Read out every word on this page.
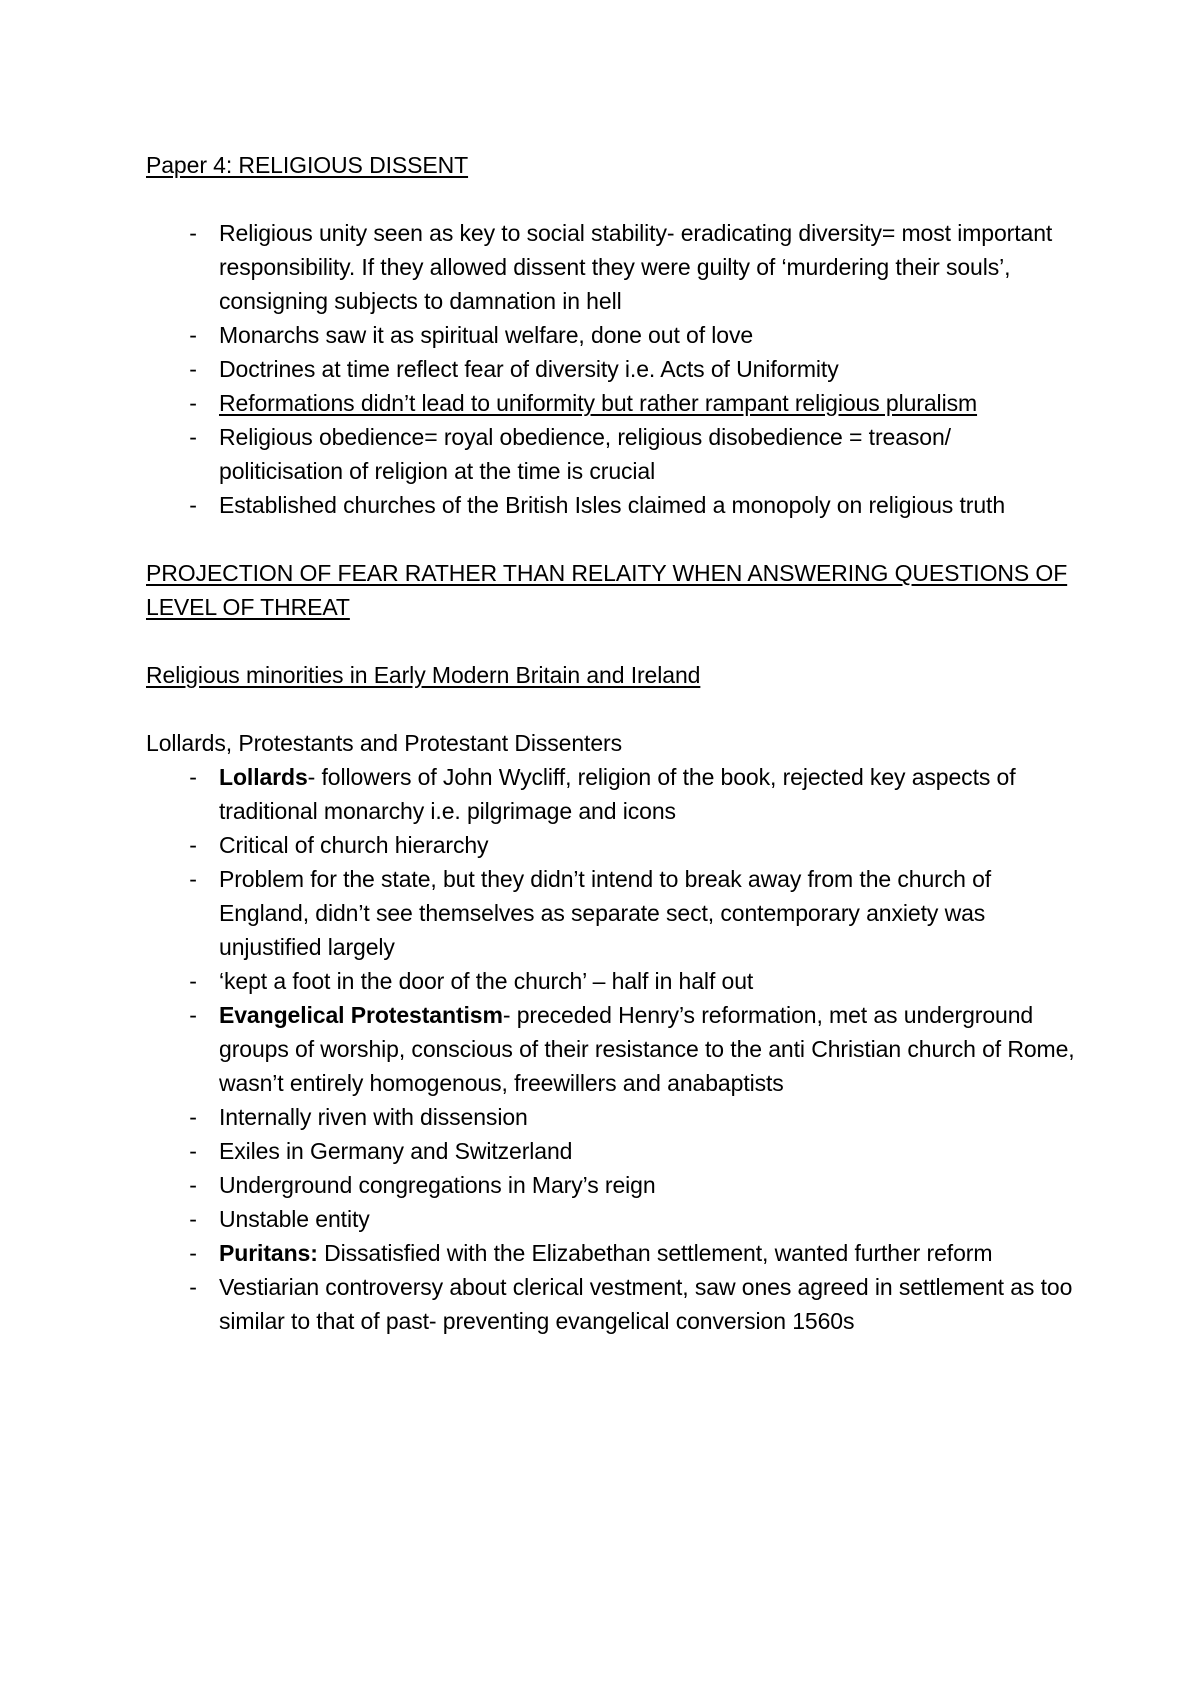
Paper 4: RELIGIOUS DISSENT

- Religious unity seen as key to social stability- eradicating diversity= most important responsibility. If they allowed dissent they were guilty of ‘murdering their souls’, consigning subjects to damnation in hell
- Monarchs saw it as spiritual welfare, done out of love
- Doctrines at time reflect fear of diversity i.e. Acts of Uniformity
- Reformations didn’t lead to uniformity but rather rampant religious pluralism
- Religious obedience= royal obedience, religious disobedience = treason/ politicisation of religion at the time is crucial
- Established churches of the British Isles claimed a monopoly on religious truth

PROJECTION OF FEAR RATHER THAN RELAITY WHEN ANSWERING QUESTIONS OF LEVEL OF THREAT

Religious minorities in Early Modern Britain and Ireland

Lollards, Protestants and Protestant Dissenters

- Lollards- followers of John Wycliff, religion of the book, rejected key aspects of traditional monarchy i.e. pilgrimage and icons
- Critical of church hierarchy
- Problem for the state, but they didn’t intend to break away from the church of England, didn’t see themselves as separate sect, contemporary anxiety was unjustified largely
- ‘kept a foot in the door of the church’ – half in half out
- Evangelical Protestantism- preceded Henry’s reformation, met as underground groups of worship, conscious of their resistance to the anti Christian church of Rome, wasn’t entirely homogenous, freewillers and anabaptists
- Internally riven with dissension
- Exiles in Germany and Switzerland
- Underground congregations in Mary’s reign
- Unstable entity
- Puritans: Dissatisfied with the Elizabethan settlement, wanted further reform
- Vestiarian controversy about clerical vestment, saw ones agreed in settlement as too similar to that of past- preventing evangelical conversion 1560s
